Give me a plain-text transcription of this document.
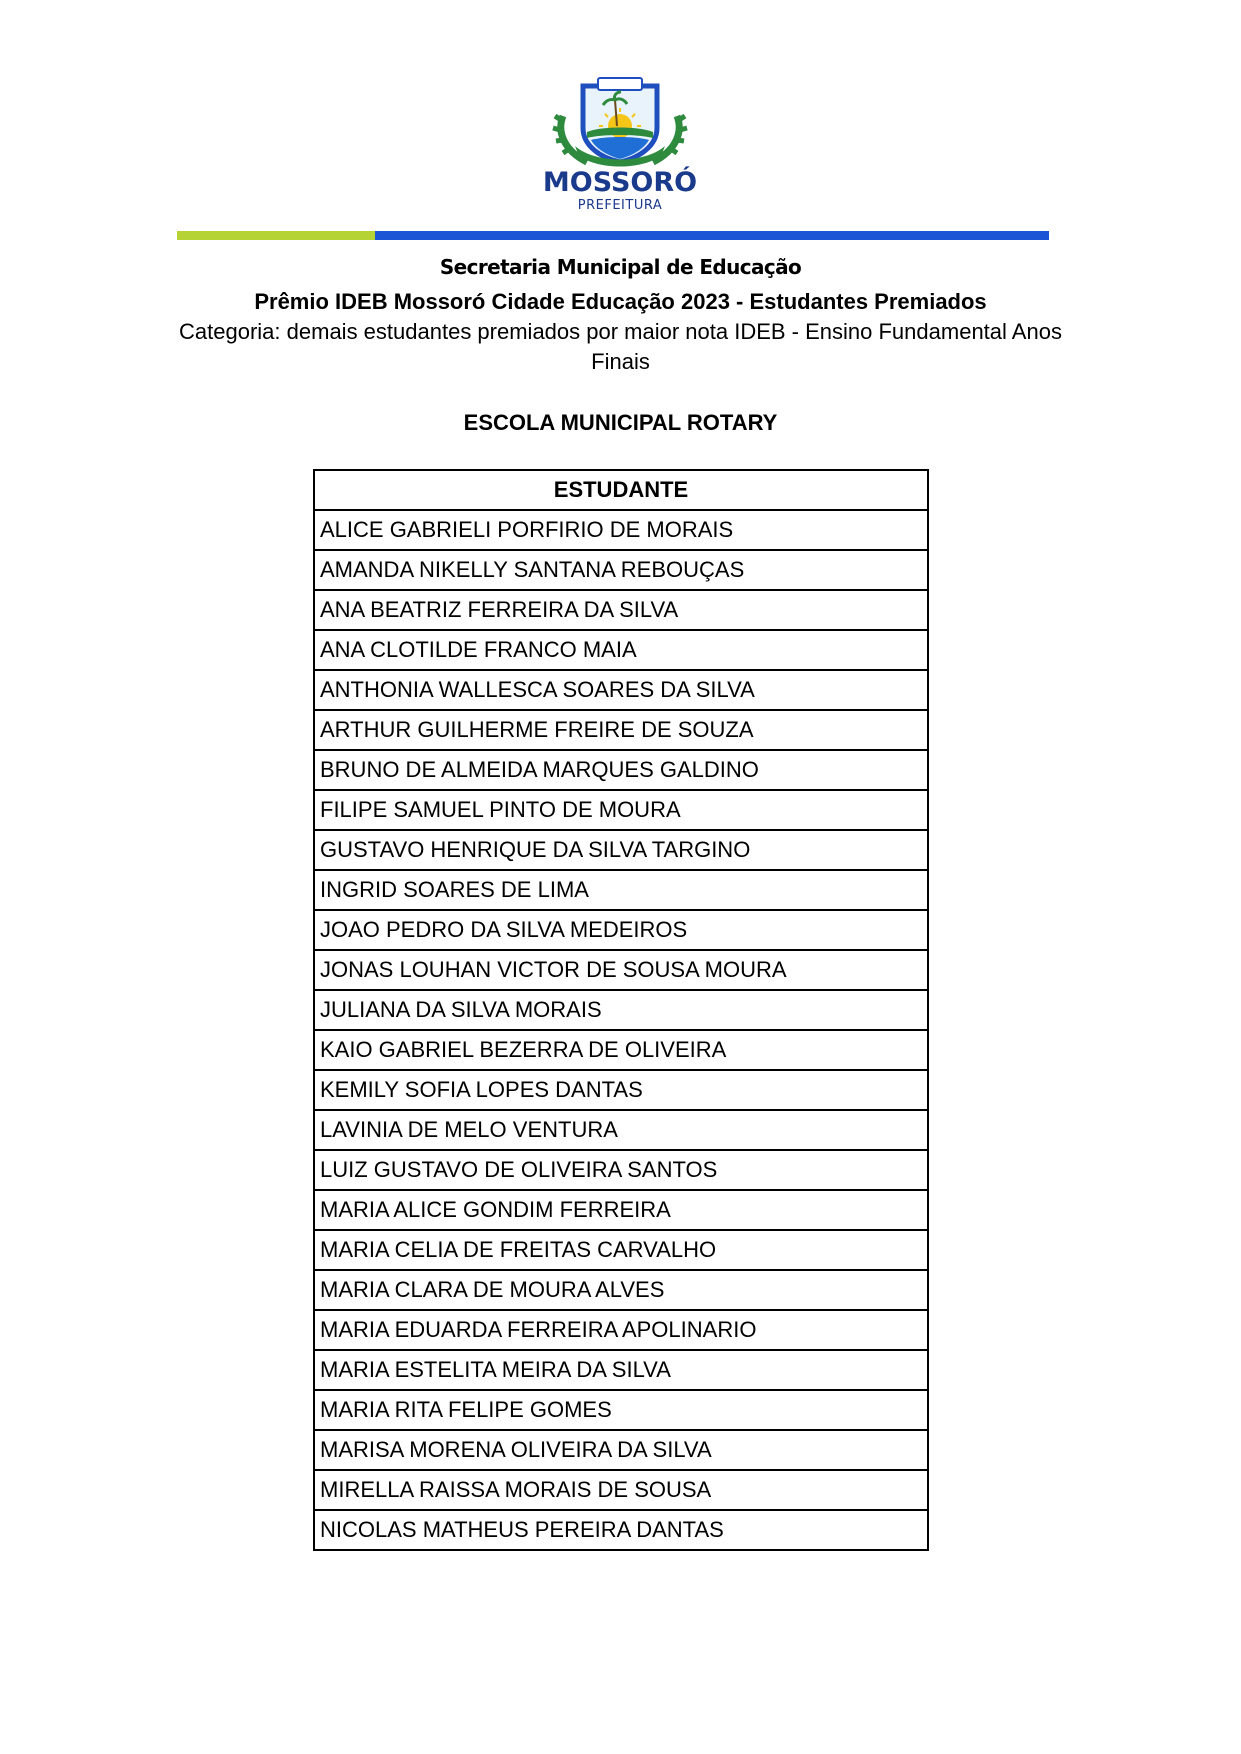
MOSSORÓ
PREFEITURA
Secretaria Municipal de Educação
Prêmio IDEB Mossoró Cidade Educação 2023 - Estudantes Premiados
Categoria: demais estudantes premiados por maior nota IDEB - Ensino Fundamental Anos Finais
ESCOLA MUNICIPAL ROTARY
ESTUDANTE
ALICE GABRIELI PORFIRIO DE MORAIS
AMANDA NIKELLY SANTANA REBOUÇAS
ANA BEATRIZ FERREIRA DA SILVA
ANA CLOTILDE FRANCO MAIA
ANTHONIA WALLESCA SOARES DA SILVA
ARTHUR GUILHERME FREIRE DE SOUZA
BRUNO DE ALMEIDA MARQUES GALDINO
FILIPE SAMUEL PINTO DE MOURA
GUSTAVO HENRIQUE DA SILVA TARGINO
INGRID SOARES DE LIMA
JOAO PEDRO DA SILVA MEDEIROS
JONAS LOUHAN VICTOR DE SOUSA MOURA
JULIANA DA SILVA MORAIS
KAIO GABRIEL BEZERRA DE OLIVEIRA
KEMILY SOFIA LOPES DANTAS
LAVINIA DE MELO VENTURA
LUIZ GUSTAVO DE OLIVEIRA SANTOS
MARIA ALICE GONDIM FERREIRA
MARIA CELIA DE FREITAS CARVALHO
MARIA CLARA DE MOURA ALVES
MARIA EDUARDA FERREIRA APOLINARIO
MARIA ESTELITA MEIRA DA SILVA
MARIA RITA FELIPE GOMES
MARISA MORENA OLIVEIRA DA SILVA
MIRELLA RAISSA MORAIS DE SOUSA
NICOLAS MATHEUS PEREIRA DANTAS
